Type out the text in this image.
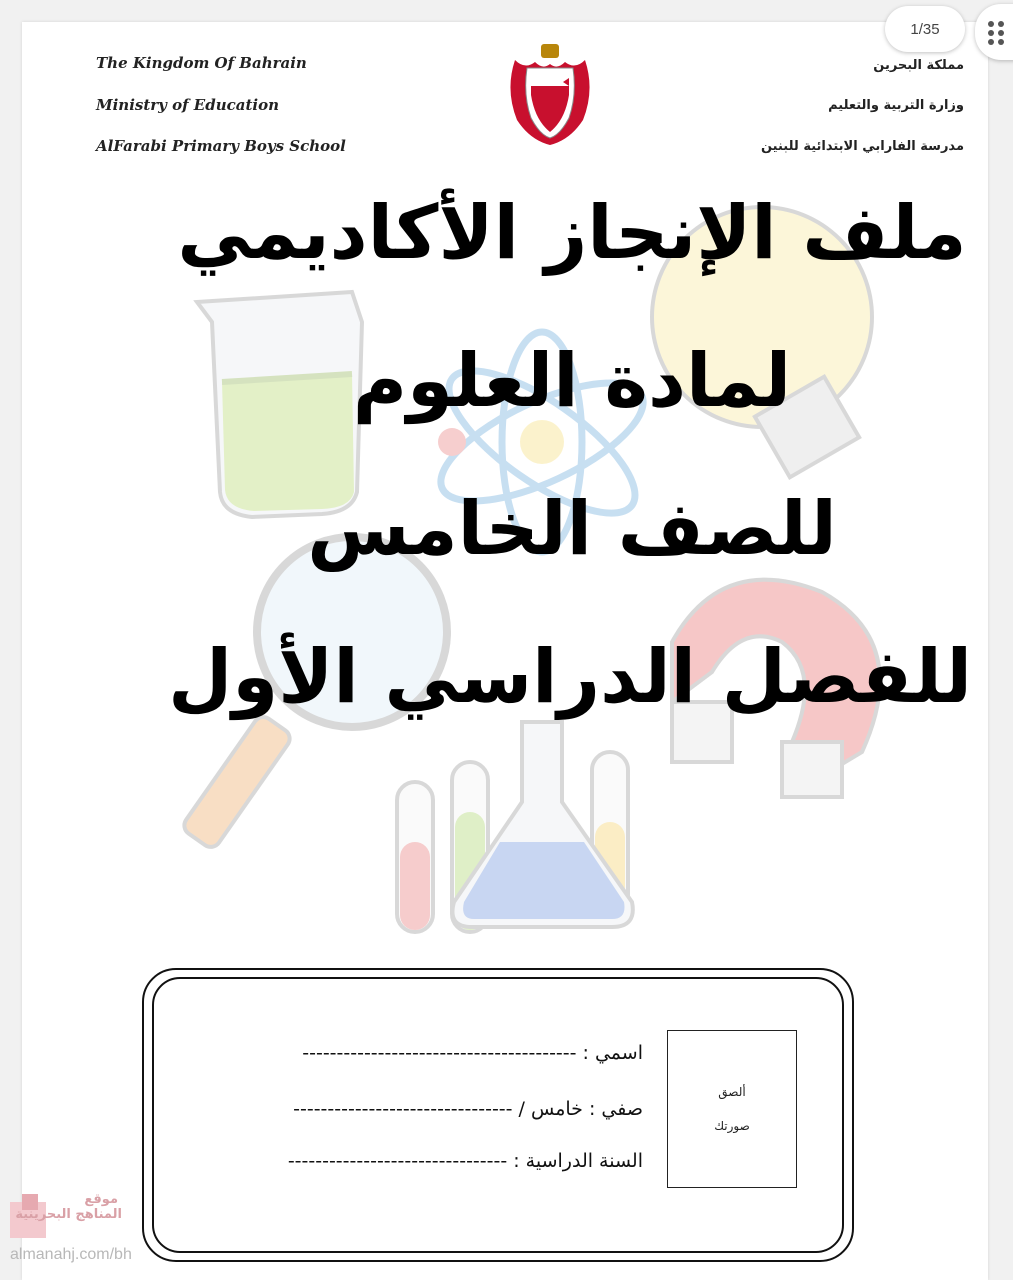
The Kingdom Of Bahrain
Ministry of Education
AlFarabi Primary Boys School
مملكة البحرين
وزارة التربية والتعليم
مدرسة الفارابي الابتدائية للبنين
ملف الإنجاز الأكاديمي
لمادة العلوم
للصف الخامس
للفصل الدراسي الأول
ألصق
صورتك
اسمي : ----------------------------------------
صفي : خامس / --------------------------------
السنة الدراسية : --------------------------------
1/35
موقع
المناهج البحرينية
almanahj.com/bh
